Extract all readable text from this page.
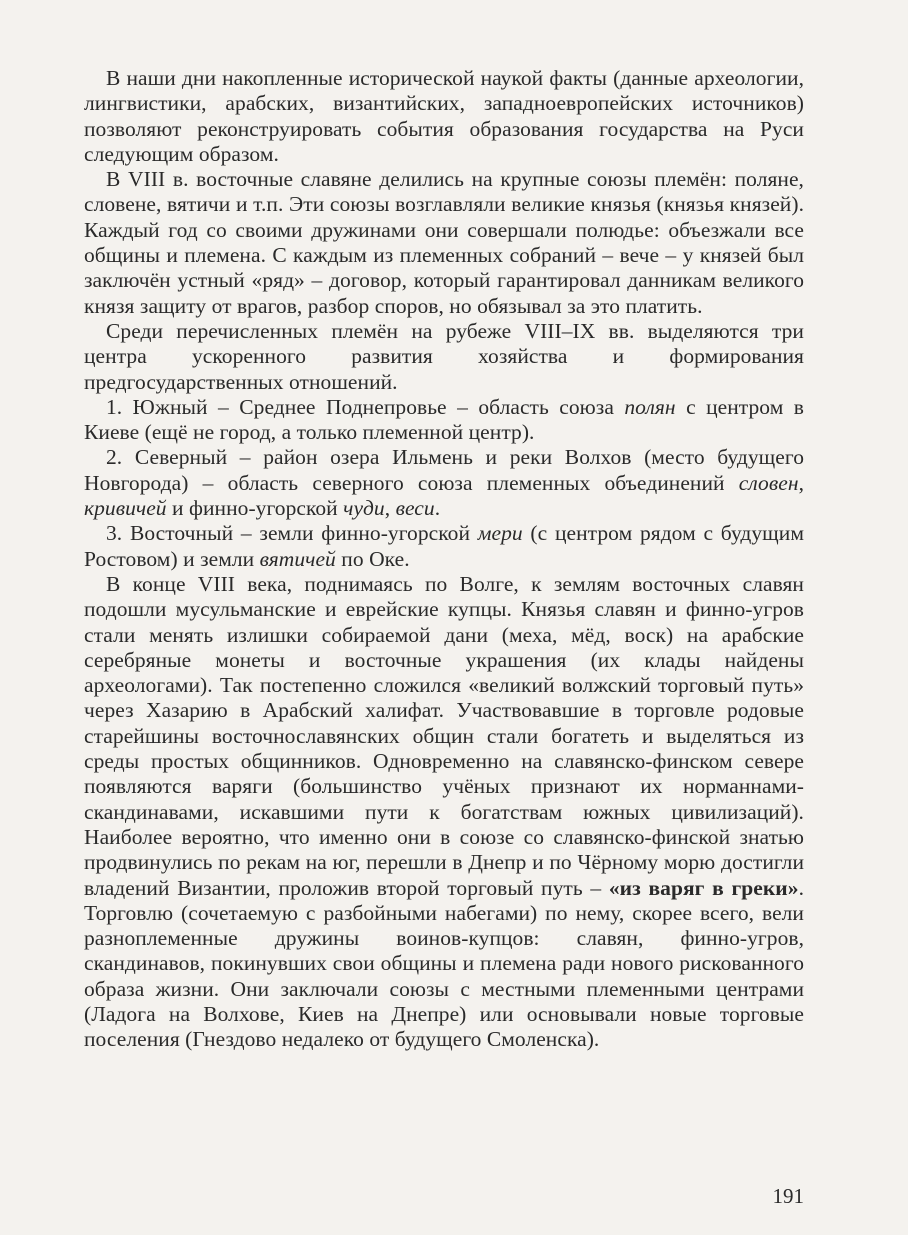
В наши дни накопленные исторической наукой факты (данные археологии, лингвистики, арабских, византийских, западноевропейских источников) позволяют реконструировать события образования государства на Руси следующим образом.

В VIII в. восточные славяне делились на крупные союзы племён: поляне, словене, вятичи и т.п. Эти союзы возглавляли великие князья (князья князей). Каждый год со своими дружинами они совершали полюдье: объезжали все общины и племена. С каждым из племенных собраний – вече – у князей был заключён устный «ряд» – договор, который гарантировал данникам великого князя защиту от врагов, разбор споров, но обязывал за это платить.

Среди перечисленных племён на рубеже VIII–IX вв. выделяются три центра ускоренного развития хозяйства и формирования предгосударственных отношений.

1. Южный – Среднее Поднепровье – область союза полян с центром в Киеве (ещё не город, а только племенной центр).

2. Северный – район озера Ильмень и реки Волхов (место будущего Новгорода) – область северного союза племенных объединений словен, кривичей и финно-угорской чуди, веси.

3. Восточный – земли финно-угорской мери (с центром рядом с будущим Ростовом) и земли вятичей по Оке.

В конце VIII века, поднимаясь по Волге, к землям восточных славян подошли мусульманские и еврейские купцы. Князья славян и финно-угров стали менять излишки собираемой дани (меха, мёд, воск) на арабские серебряные монеты и восточные украшения (их клады найдены археологами). Так постепенно сложился «великий волжский торговый путь» через Хазарию в Арабский халифат. Участвовавшие в торговле родовые старейшины восточнославянских общин стали богатеть и выделяться из среды простых общинников. Одновременно на славянско-финском севере появляются варяги (большинство учёных признают их норманнами-скандинавами, искавшими пути к богатствам южных цивилизаций). Наиболее вероятно, что именно они в союзе со славянско-финской знатью продвинулись по рекам на юг, перешли в Днепр и по Чёрному морю достигли владений Византии, проложив второй торговый путь – «из варяг в греки». Торговлю (сочетаемую с разбойными набегами) по нему, скорее всего, вели разноплеменные дружины воинов-купцов: славян, финно-угров, скандинавов, покинувших свои общины и племена ради нового рискованного образа жизни. Они заключали союзы с местными племенными центрами (Ладога на Волхове, Киев на Днепре) или основывали новые торговые поселения (Гнездово недалеко от будущего Смоленска).

191
